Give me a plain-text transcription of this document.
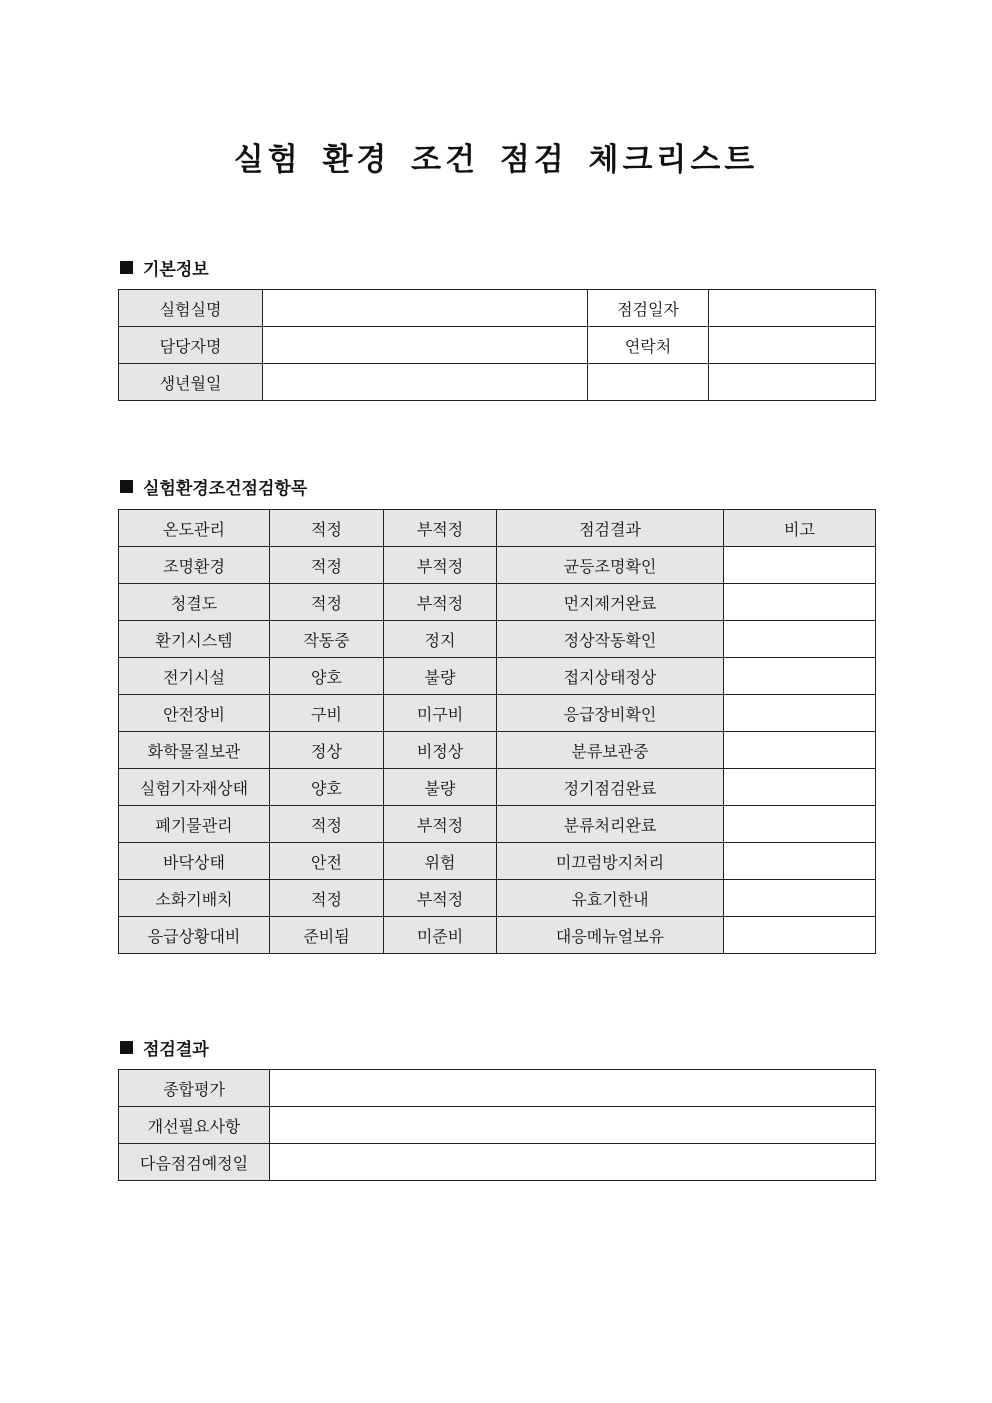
실험 환경 조건 점검 체크리스트
기본정보
실험실명		점검일자	
담당자명		연락처	
생년월일			
실험환경조건점검항목
온도관리	적정	부적정	점검결과	비고
조명환경	적정	부적정	균등조명확인	
청결도	적정	부적정	먼지제거완료	
환기시스템	작동중	정지	정상작동확인	
전기시설	양호	불량	접지상태정상	
안전장비	구비	미구비	응급장비확인	
화학물질보관	정상	비정상	분류보관중	
실험기자재상태	양호	불량	정기점검완료	
폐기물관리	적정	부적정	분류처리완료	
바닥상태	안전	위험	미끄럼방지처리	
소화기배치	적정	부적정	유효기한내	
응급상황대비	준비됨	미준비	대응메뉴얼보유	
점검결과
종합평가	
개선필요사항	
다음점검예정일	
